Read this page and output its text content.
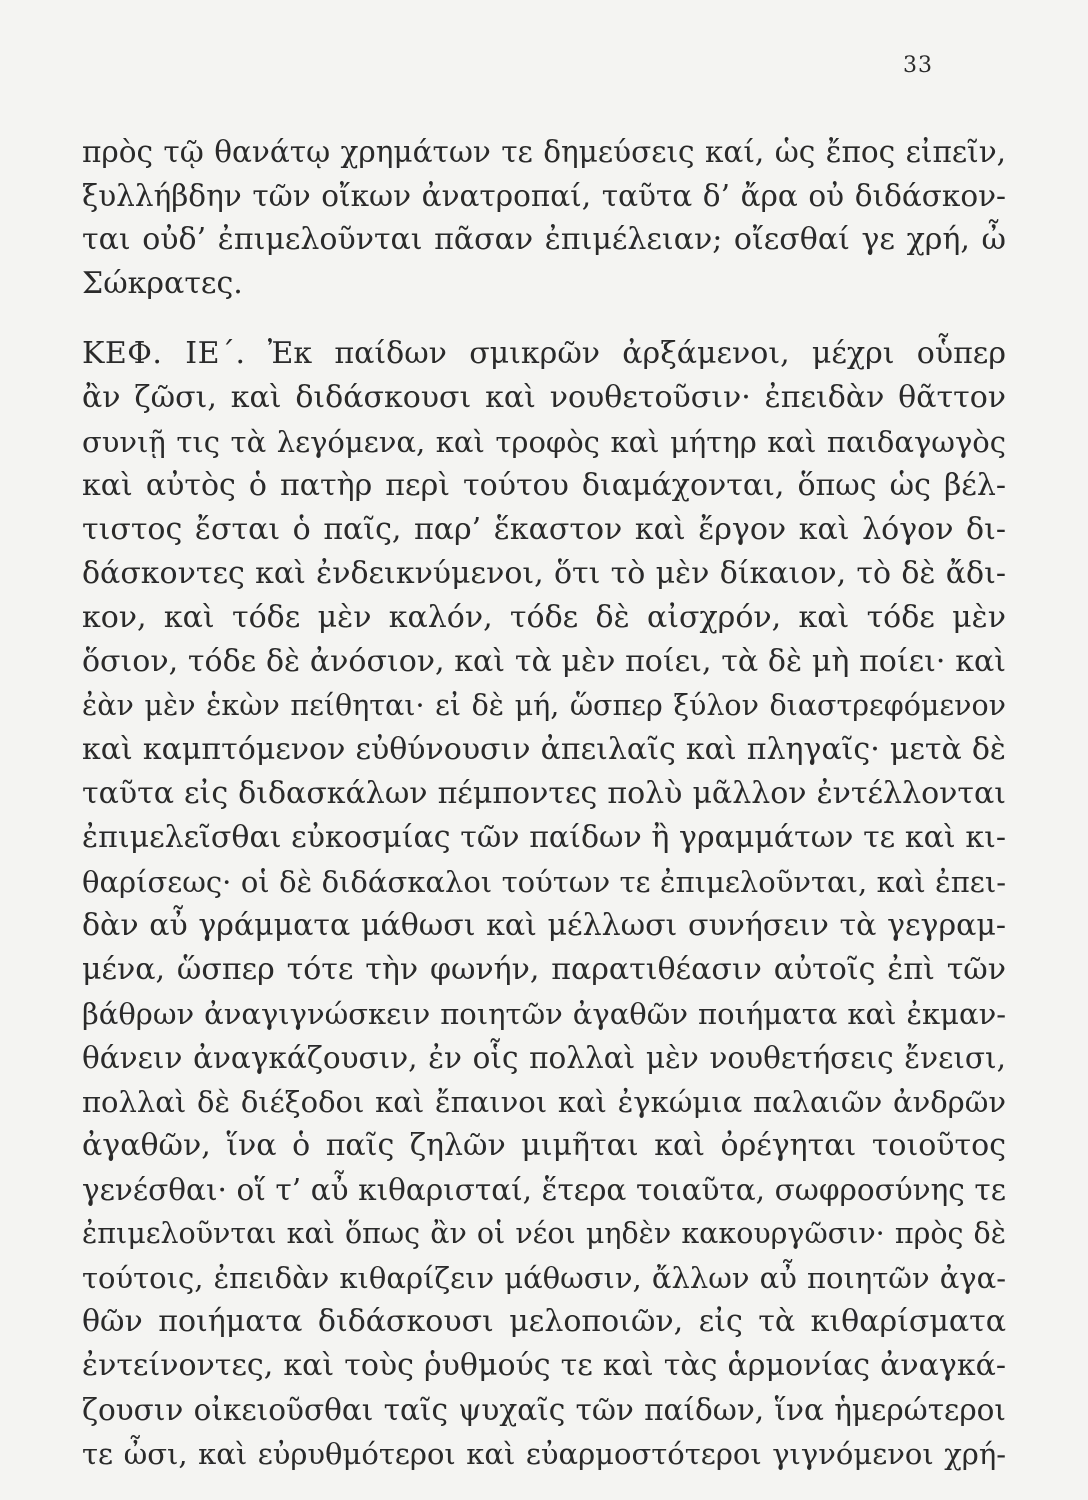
33
πρὸς τῷ θανάτῳ χρημάτων τε δημεύσεις καί, ὡς ἔπος εἰπεῖν,
ξυλλήβδην τῶν οἴκων ἀνατροπαί, ταῦτα δ’ ἄρα οὐ διδάσκον-
ται οὐδ’ ἐπιμελοῦνται πᾶσαν ἐπιμέλειαν; οἴεσθαί γε χρή, ὦ
Σώκρατες.
ΚΕΦ. ΙΕ΄. Ἐκ παίδων σμικρῶν ἀρξάμενοι, μέχρι οὗπερ
ἂν ζῶσι, καὶ διδάσκουσι καὶ νουθετοῦσιν· ἐπειδὰν θᾶττον
συνιῇ τις τὰ λεγόμενα, καὶ τροφὸς καὶ μήτηρ καὶ παιδαγωγὸς
καὶ αὐτὸς ὁ πατὴρ περὶ τούτου διαμάχονται, ὅπως ὡς βέλ-
τιστος ἔσται ὁ παῖς, παρ’ ἕκαστον καὶ ἔργον καὶ λόγον δι-
δάσκοντες καὶ ἐνδεικνύμενοι, ὅτι τὸ μὲν δίκαιον, τὸ δὲ ἄδι-
κον, καὶ τόδε μὲν καλόν, τόδε δὲ αἰσχρόν, καὶ τόδε μὲν
ὅσιον, τόδε δὲ ἀνόσιον, καὶ τὰ μὲν ποίει, τὰ δὲ μὴ ποίει· καὶ
ἐὰν μὲν ἑκὼν πείθηται· εἰ δὲ μή, ὥσπερ ξύλον διαστρεφόμενον
καὶ καμπτόμενον εὐθύνουσιν ἀπειλαῖς καὶ πληγαῖς· μετὰ δὲ
ταῦτα εἰς διδασκάλων πέμποντες πολὺ μᾶλλον ἐντέλλονται
ἐπιμελεῖσθαι εὐκοσμίας τῶν παίδων ἢ γραμμάτων τε καὶ κι-
θαρίσεως· οἱ δὲ διδάσκαλοι τούτων τε ἐπιμελοῦνται, καὶ ἐπει-
δὰν αὖ γράμματα μάθωσι καὶ μέλλωσι συνήσειν τὰ γεγραμ-
μένα, ὥσπερ τότε τὴν φωνήν, παρατιθέασιν αὐτοῖς ἐπὶ τῶν
βάθρων ἀναγιγνώσκειν ποιητῶν ἀγαθῶν ποιήματα καὶ ἐκμαν-
θάνειν ἀναγκάζουσιν, ἐν οἷς πολλαὶ μὲν νουθετήσεις ἔνεισι,
πολλαὶ δὲ διέξοδοι καὶ ἔπαινοι καὶ ἐγκώμια παλαιῶν ἀνδρῶν
ἀγαθῶν, ἵνα ὁ παῖς ζηλῶν μιμῆται καὶ ὀρέγηται τοιοῦτος
γενέσθαι· οἵ τ’ αὖ κιθαρισταί, ἕτερα τοιαῦτα, σωφροσύνης τε
ἐπιμελοῦνται καὶ ὅπως ἂν οἱ νέοι μηδὲν κακουργῶσιν· πρὸς δὲ
τούτοις, ἐπειδὰν κιθαρίζειν μάθωσιν, ἄλλων αὖ ποιητῶν ἀγα-
θῶν ποιήματα διδάσκουσι μελοποιῶν, εἰς τὰ κιθαρίσματα
ἐντείνοντες, καὶ τοὺς ῥυθμούς τε καὶ τὰς ἁρμονίας ἀναγκά-
ζουσιν οἰκειοῦσθαι ταῖς ψυχαῖς τῶν παίδων, ἵνα ἡμερώτεροι
τε ὦσι, καὶ εὐρυθμότεροι καὶ εὐαρμοστότεροι γιγνόμενοι χρή-
